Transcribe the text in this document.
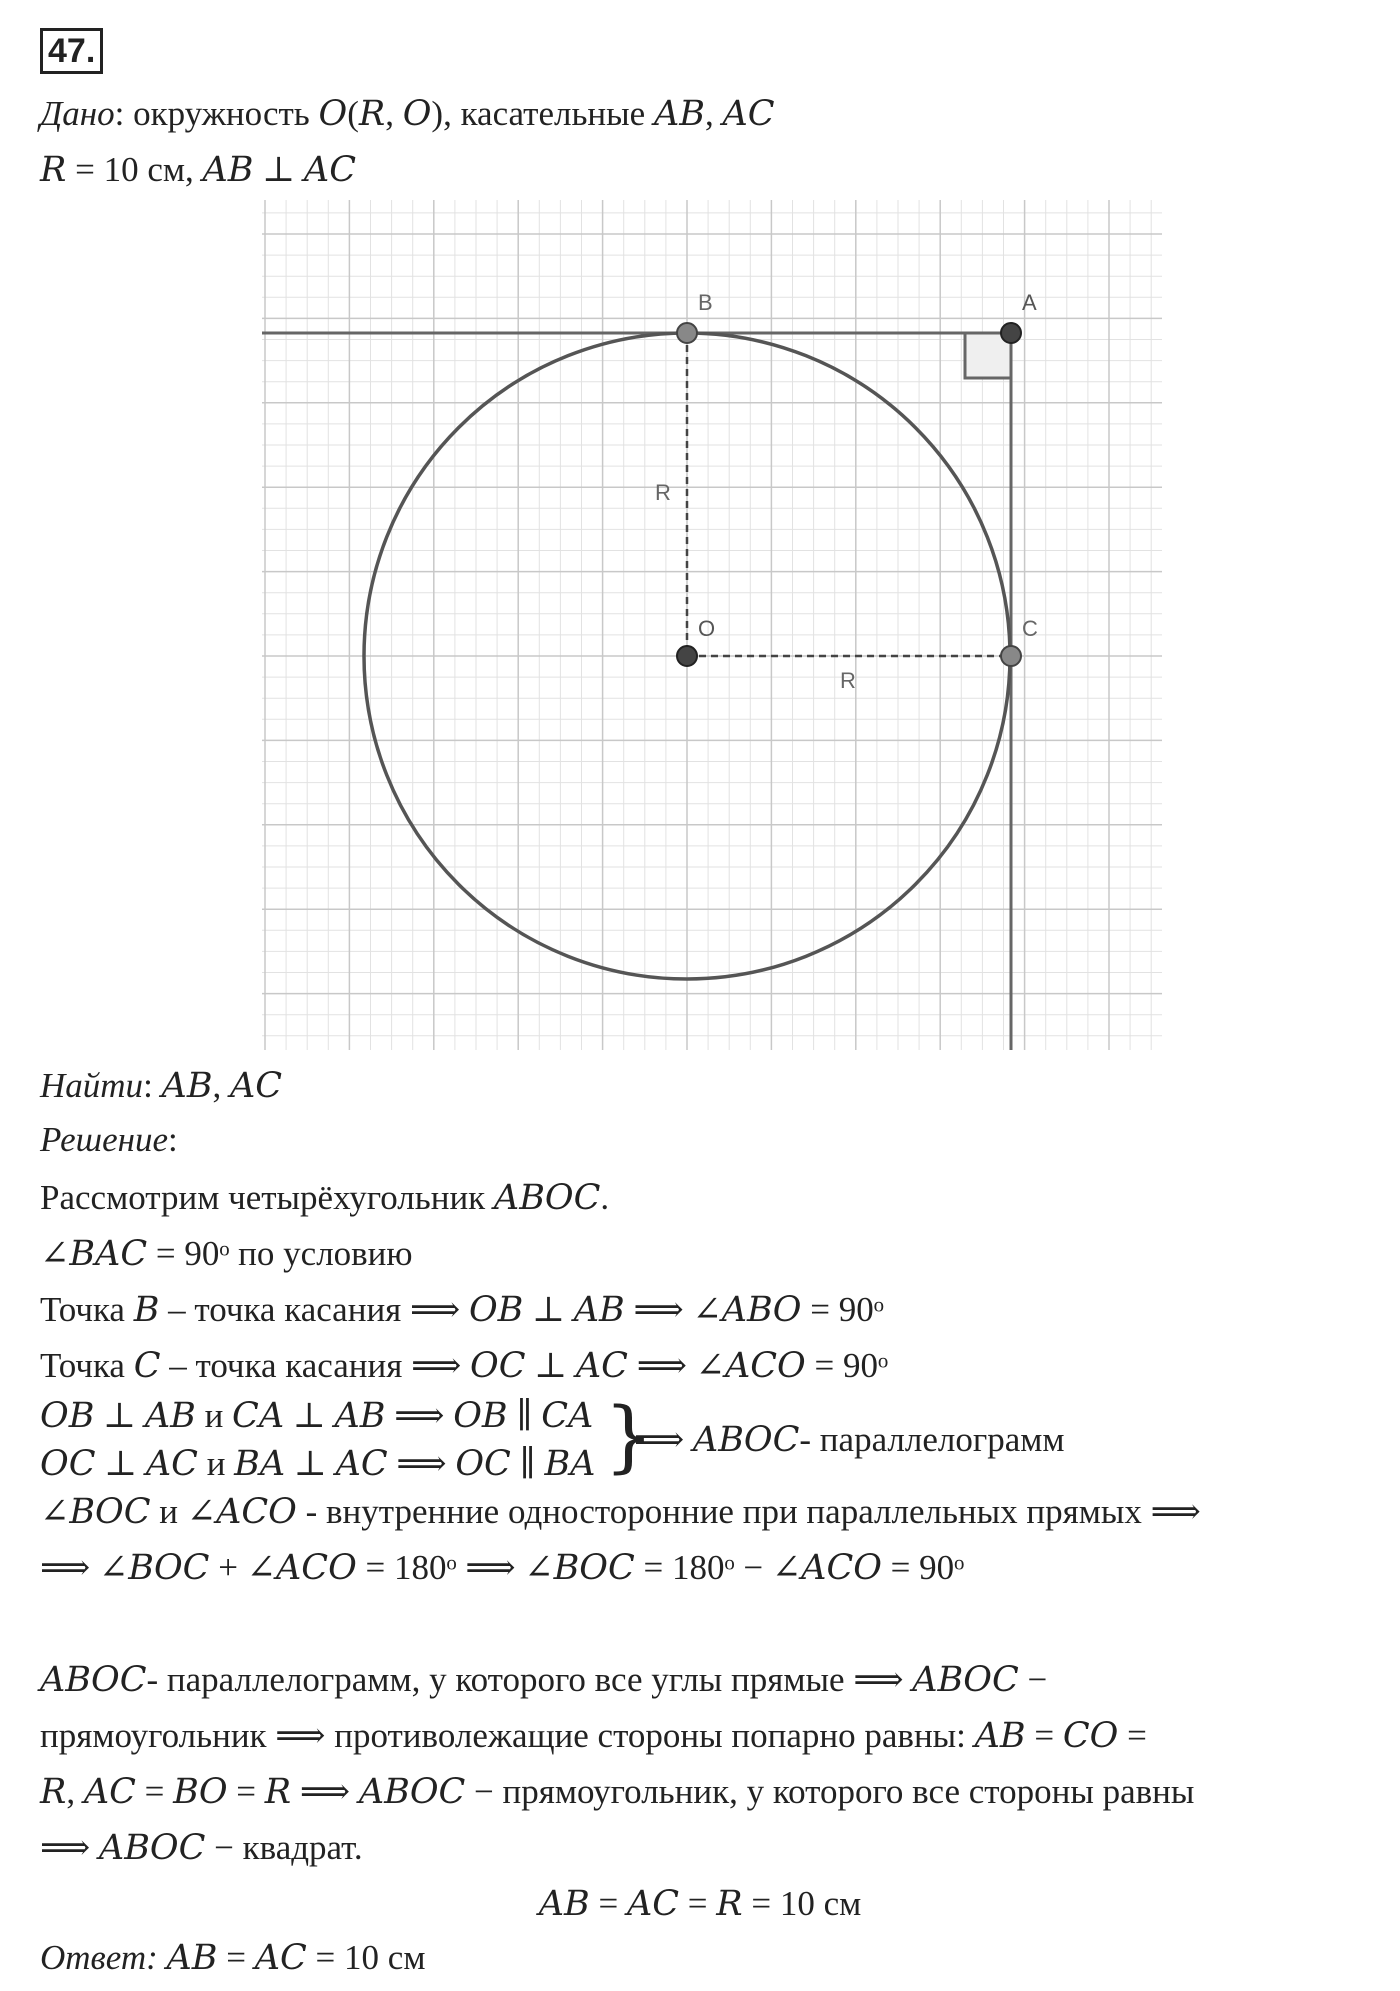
47.
Дано: окружность 𝑂(𝑅, 𝑂), касательные 𝐴𝐵, 𝐴𝐶
𝑅 = 10 см, 𝐴𝐵 ⊥ 𝐴𝐶
B	A
O	C
R
R
Найти: 𝐴𝐵, 𝐴𝐶
Решение:
Рассмотрим четырёхугольник 𝐴𝐵𝑂𝐶.
∠𝐵𝐴𝐶 = 90ᵒ по условию
Точка 𝐵 – точка касания ⟹ 𝑂𝐵 ⊥ 𝐴𝐵 ⟹ ∠𝐴𝐵𝑂 = 90ᵒ
Точка 𝐶 – точка касания ⟹ 𝑂𝐶 ⊥ 𝐴𝐶 ⟹ ∠𝐴𝐶𝑂 = 90ᵒ
𝑂𝐵 ⊥ 𝐴𝐵 и 𝐶𝐴 ⊥ 𝐴𝐵 ⟹ 𝑂𝐵 ∥ 𝐶𝐴
𝑂𝐶 ⊥ 𝐴𝐶 и 𝐵𝐴 ⊥ 𝐴𝐶 ⟹ 𝑂𝐶 ∥ 𝐵𝐴 }
⟹ 𝐴𝐵𝑂𝐶- параллелограмм
∠𝐵𝑂𝐶 и ∠𝐴𝐶𝑂 - внутренние односторонние при параллельных прямых ⟹
⟹ ∠𝐵𝑂𝐶 + ∠𝐴𝐶𝑂 = 180ᵒ ⟹ ∠𝐵𝑂𝐶 = 180ᵒ − ∠𝐴𝐶𝑂 = 90ᵒ
𝐴𝐵𝑂𝐶- параллелограмм, у которого все углы прямые ⟹ 𝐴𝐵𝑂𝐶 −
прямоугольник ⟹ противолежащие стороны попарно равны: 𝐴𝐵 = 𝐶𝑂 =
𝑅, 𝐴𝐶 = 𝐵𝑂 = 𝑅 ⟹ 𝐴𝐵𝑂𝐶 − прямоугольник, у которого все стороны равны
⟹ 𝐴𝐵𝑂𝐶 − квадрат.
𝐴𝐵 = 𝐴𝐶 = 𝑅 = 10 см
Ответ: 𝐴𝐵 = 𝐴𝐶 = 10 см
